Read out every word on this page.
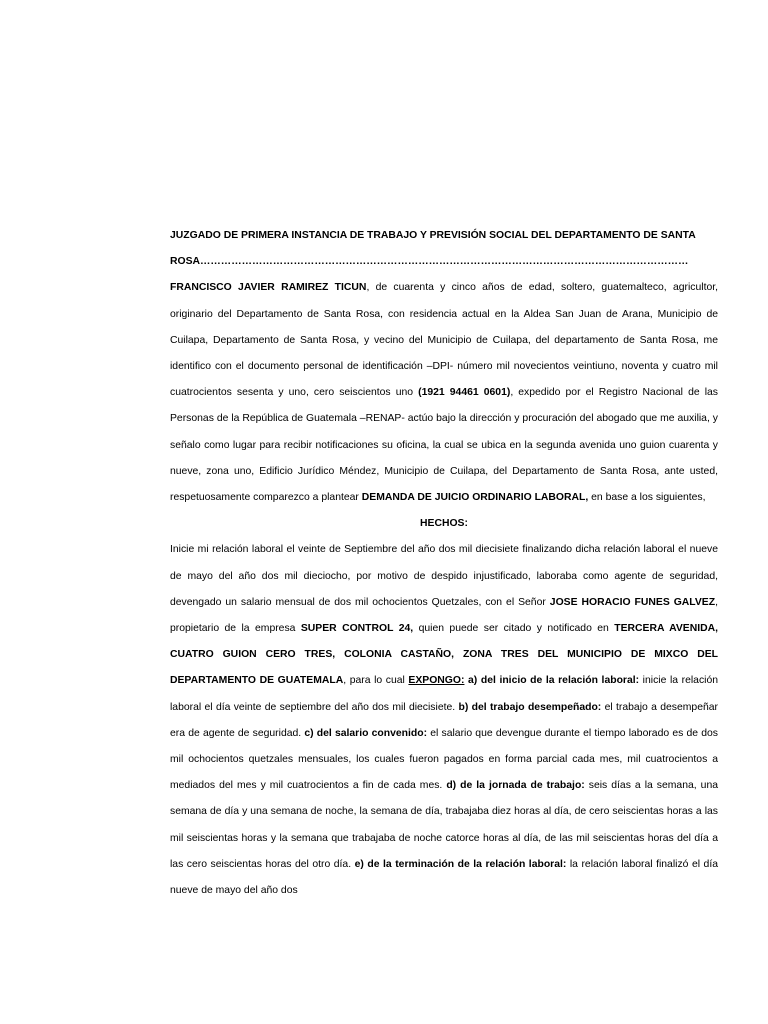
JUZGADO DE PRIMERA INSTANCIA DE TRABAJO Y PREVISIÓN SOCIAL DEL DEPARTAMENTO DE SANTA
ROSA……………………………………………………………………………………………………………………………

FRANCISCO JAVIER RAMIREZ TICUN, de cuarenta y cinco años de edad, soltero, guatemalteco, agricultor, originario del Departamento de Santa Rosa, con residencia actual en la Aldea San Juan de Arana, Municipio de Cuilapa, Departamento de Santa Rosa, y vecino del Municipio de Cuilapa, del departamento de Santa Rosa, me identifico con el documento personal de identificación –DPI- número mil novecientos veintiuno, noventa y cuatro mil cuatrocientos sesenta y uno, cero seiscientos uno (1921 94461 0601), expedido por el Registro Nacional de las Personas de la República de Guatemala –RENAP- actúo bajo la dirección y procuración del abogado que me auxilia, y señalo como lugar para recibir notificaciones su oficina, la cual se ubica en la segunda avenida uno guion cuarenta y nueve, zona uno, Edificio Jurídico Méndez, Municipio de Cuilapa, del Departamento de Santa Rosa, ante usted, respetuosamente comparezco a plantear DEMANDA DE JUICIO ORDINARIO LABORAL, en base a los siguientes,

HECHOS:

Inicie mi relación laboral el veinte de Septiembre del año dos mil diecisiete finalizando dicha relación laboral el nueve de mayo del año dos mil dieciocho, por motivo de despido injustificado, laboraba como agente de seguridad, devengado un salario mensual de dos mil ochocientos Quetzales, con el Señor JOSE HORACIO FUNES GALVEZ, propietario de la empresa SUPER CONTROL 24, quien puede ser citado y notificado en TERCERA AVENIDA, CUATRO GUION CERO TRES, COLONIA CASTAÑO, ZONA TRES DEL MUNICIPIO DE MIXCO DEL DEPARTAMENTO DE GUATEMALA, para lo cual EXPONGO: a) del inicio de la relación laboral: inicie la relación laboral el día veinte de septiembre del año dos mil diecisiete. b) del trabajo desempeñado: el trabajo a desempeñar era de agente de seguridad. c) del salario convenido: el salario que devengue durante el tiempo laborado es de dos mil ochocientos quetzales mensuales, los cuales fueron pagados en forma parcial cada mes, mil cuatrocientos a mediados del mes y mil cuatrocientos a fin de cada mes. d) de la jornada de trabajo: seis días a la semana, una semana de día y una semana de noche, la semana de día, trabajaba diez horas al día, de cero seiscientas horas a las mil seiscientas horas y la semana que trabajaba de noche catorce horas al día, de las mil seiscientas horas del día a las cero seiscientas horas del otro día. e) de la terminación de la relación laboral: la relación laboral finalizó el día nueve de mayo del año dos
